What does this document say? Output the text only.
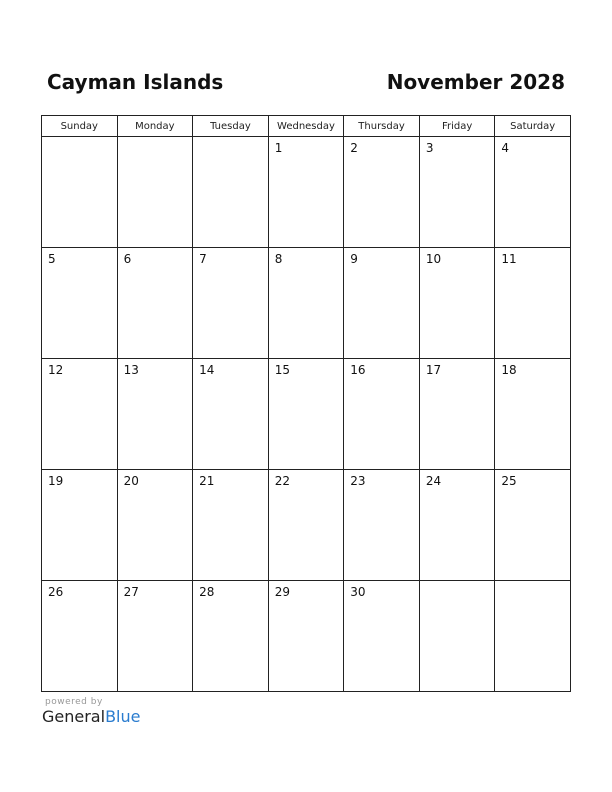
Cayman Islands	November 2028
Sunday	Monday	Tuesday	Wednesday	Thursday	Friday	Saturday

			1	2	3	4

5	6	7	8	9	10	11

12	13	14	15	16	17	18

19	20	21	22	23	24	25

26	27	28	29	30		

powered by
GeneralBlue
